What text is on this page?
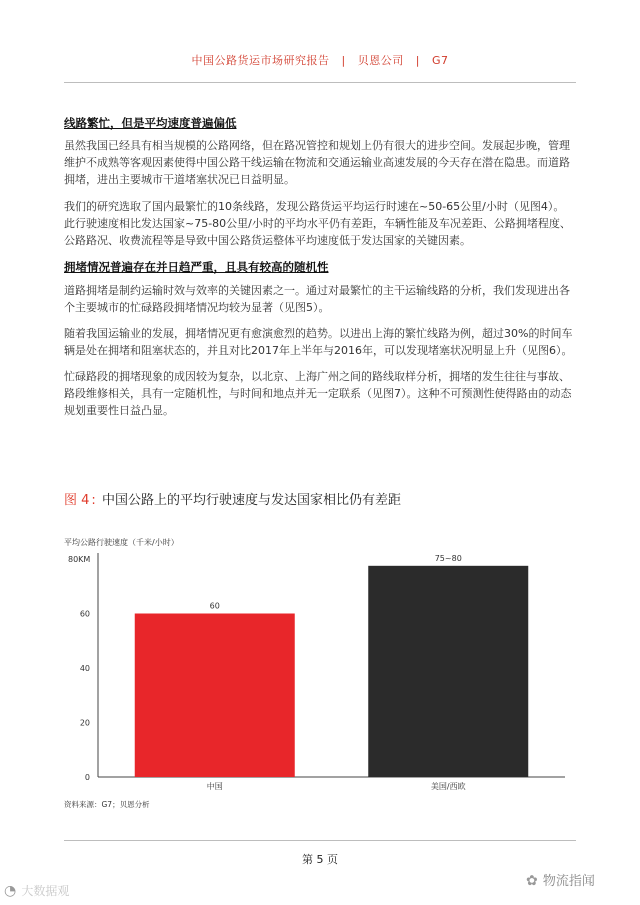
中国公路货运市场研究报告 | 贝恩公司 | G7
线路繁忙，但是平均速度普遍偏低
虽然我国已经具有相当规模的公路网络，但在路况管控和规划上仍有很大的进步空间。发展起步晚，管理维护不成熟等客观因素使得中国公路干线运输在物流和交通运输业高速发展的今天存在潜在隐患。而道路拥堵，进出主要城市干道堵塞状况已日益明显。
我们的研究选取了国内最繁忙的10条线路，发现公路货运平均运行时速在~50-65公里/小时（见图4）。此行驶速度相比发达国家~75-80公里/小时的平均水平仍有差距，车辆性能及车况差距、公路拥堵程度、公路路况、收费流程等是导致中国公路货运整体平均速度低于发达国家的关键因素。
拥堵情况普遍存在并日趋严重，且具有较高的随机性
道路拥堵是制约运输时效与效率的关键因素之一。通过对最繁忙的主干运输线路的分析，我们发现进出各个主要城市的忙碌路段拥堵情况均较为显著（见图5）。
随着我国运输业的发展，拥堵情况更有愈演愈烈的趋势。以进出上海的繁忙线路为例，超过30%的时间车辆是处在拥堵和阻塞状态的，并且对比2017年上半年与2016年，可以发现堵塞状况明显上升（见图6）。
忙碌路段的拥堵现象的成因较为复杂，以北京、上海广州之间的路线取样分析，拥堵的发生往往与事故、路段维修相关，具有一定随机性，与时间和地点并无一定联系（见图7）。这种不可预测性使得路由的动态规划重要性日益凸显。
图 4 : 中国公路上的平均行驶速度与发达国家相比仍有差距
平均公路行驶速度（千米/小时）
0
20
40
60
80KM
60
中国
75~80
美国/西欧
资料来源：G7；贝恩分析
第 5 页
◔ 大数据观
✿ 物流指闻
